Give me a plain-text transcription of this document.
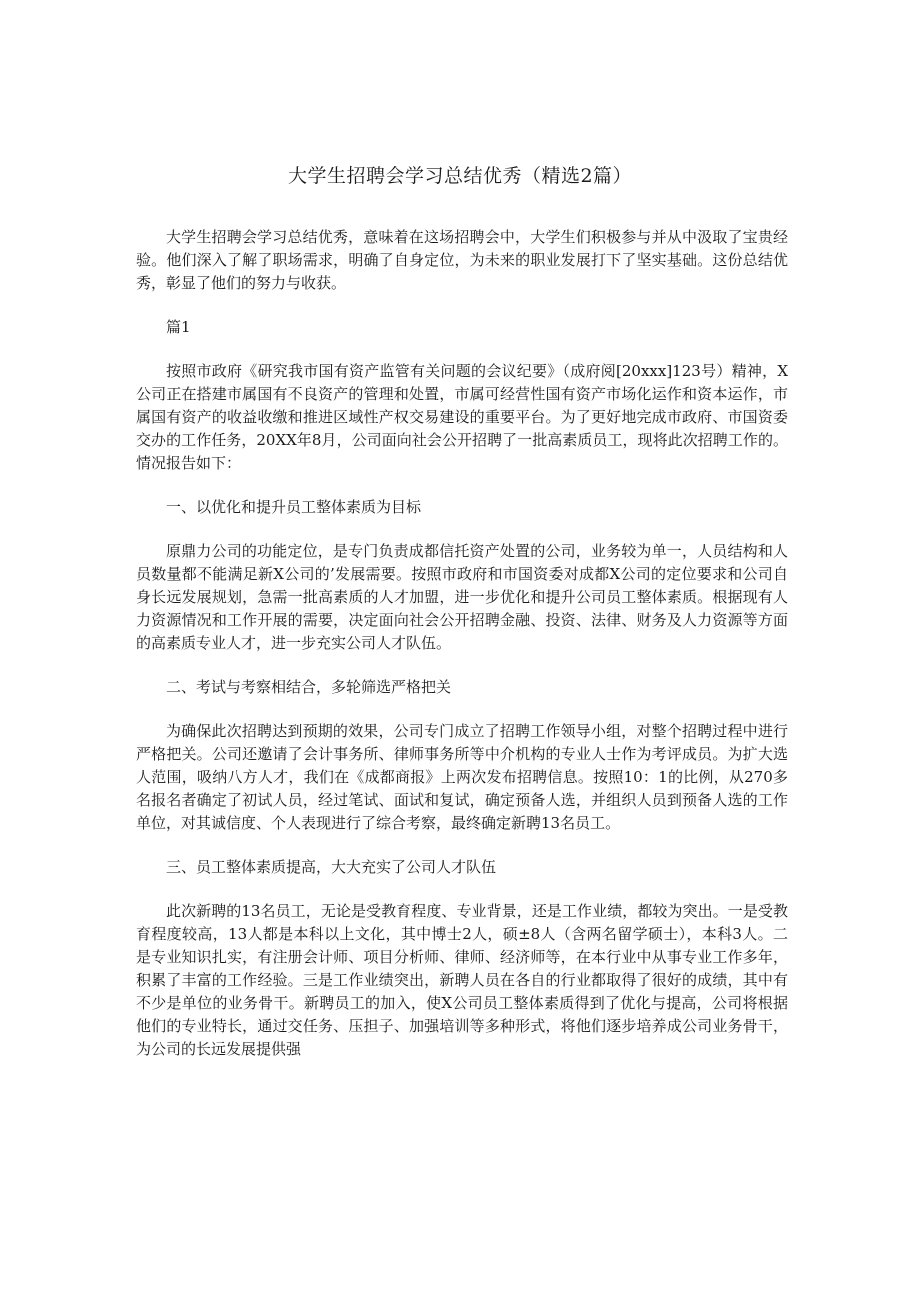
大学生招聘会学习总结优秀（精选2篇）

大学生招聘会学习总结优秀，意味着在这场招聘会中，大学生们积极参与并从中汲取了宝贵经验。他们深入了解了职场需求，明确了自身定位，为未来的职业发展打下了坚实基础。这份总结优秀，彰显了他们的努力与收获。

篇1

按照市政府《研究我市国有资产监管有关问题的会议纪要》（成府阅[20xxx]123号）精神，X公司正在搭建市属国有不良资产的管理和处置，市属可经营性国有资产市场化运作和资本运作，市属国有资产的收益收缴和推进区域性产权交易建设的重要平台。为了更好地完成市政府、市国资委交办的工作任务，20XX年8月，公司面向社会公开招聘了一批高素质员工，现将此次招聘工作的。情况报告如下：

一、以优化和提升员工整体素质为目标

原鼎力公司的功能定位，是专门负责成都信托资产处置的公司，业务较为单一，人员结构和人员数量都不能满足新X公司的’发展需要。按照市政府和市国资委对成都X公司的定位要求和公司自身长远发展规划，急需一批高素质的人才加盟，进一步优化和提升公司员工整体素质。根据现有人力资源情况和工作开展的需要，决定面向社会公开招聘金融、投资、法律、财务及人力资源等方面的高素质专业人才，进一步充实公司人才队伍。

二、考试与考察相结合，多轮筛选严格把关

为确保此次招聘达到预期的效果，公司专门成立了招聘工作领导小组，对整个招聘过程中进行严格把关。公司还邀请了会计事务所、律师事务所等中介机构的专业人士作为考评成员。为扩大选人范围，吸纳八方人才，我们在《成都商报》上两次发布招聘信息。按照10：1的比例，从270多名报名者确定了初试人员，经过笔试、面试和复试，确定预备人选，并组织人员到预备人选的工作单位，对其诚信度、个人表现进行了综合考察，最终确定新聘13名员工。

三、员工整体素质提高，大大充实了公司人才队伍

此次新聘的13名员工，无论是受教育程度、专业背景，还是工作业绩，都较为突出。一是受教育程度较高，13人都是本科以上文化，其中博士2人，硕±8人（含两名留学硕士），本科3人。二是专业知识扎实，有注册会计师、项目分析师、律师、经济师等，在本行业中从事专业工作多年，积累了丰富的工作经验。三是工作业绩突出，新聘人员在各自的行业都取得了很好的成绩，其中有不少是单位的业务骨干。新聘员工的加入，使X公司员工整体素质得到了优化与提高，公司将根据他们的专业特长，通过交任务、压担子、加强培训等多种形式，将他们逐步培养成公司业务骨干，为公司的长远发展提供强
